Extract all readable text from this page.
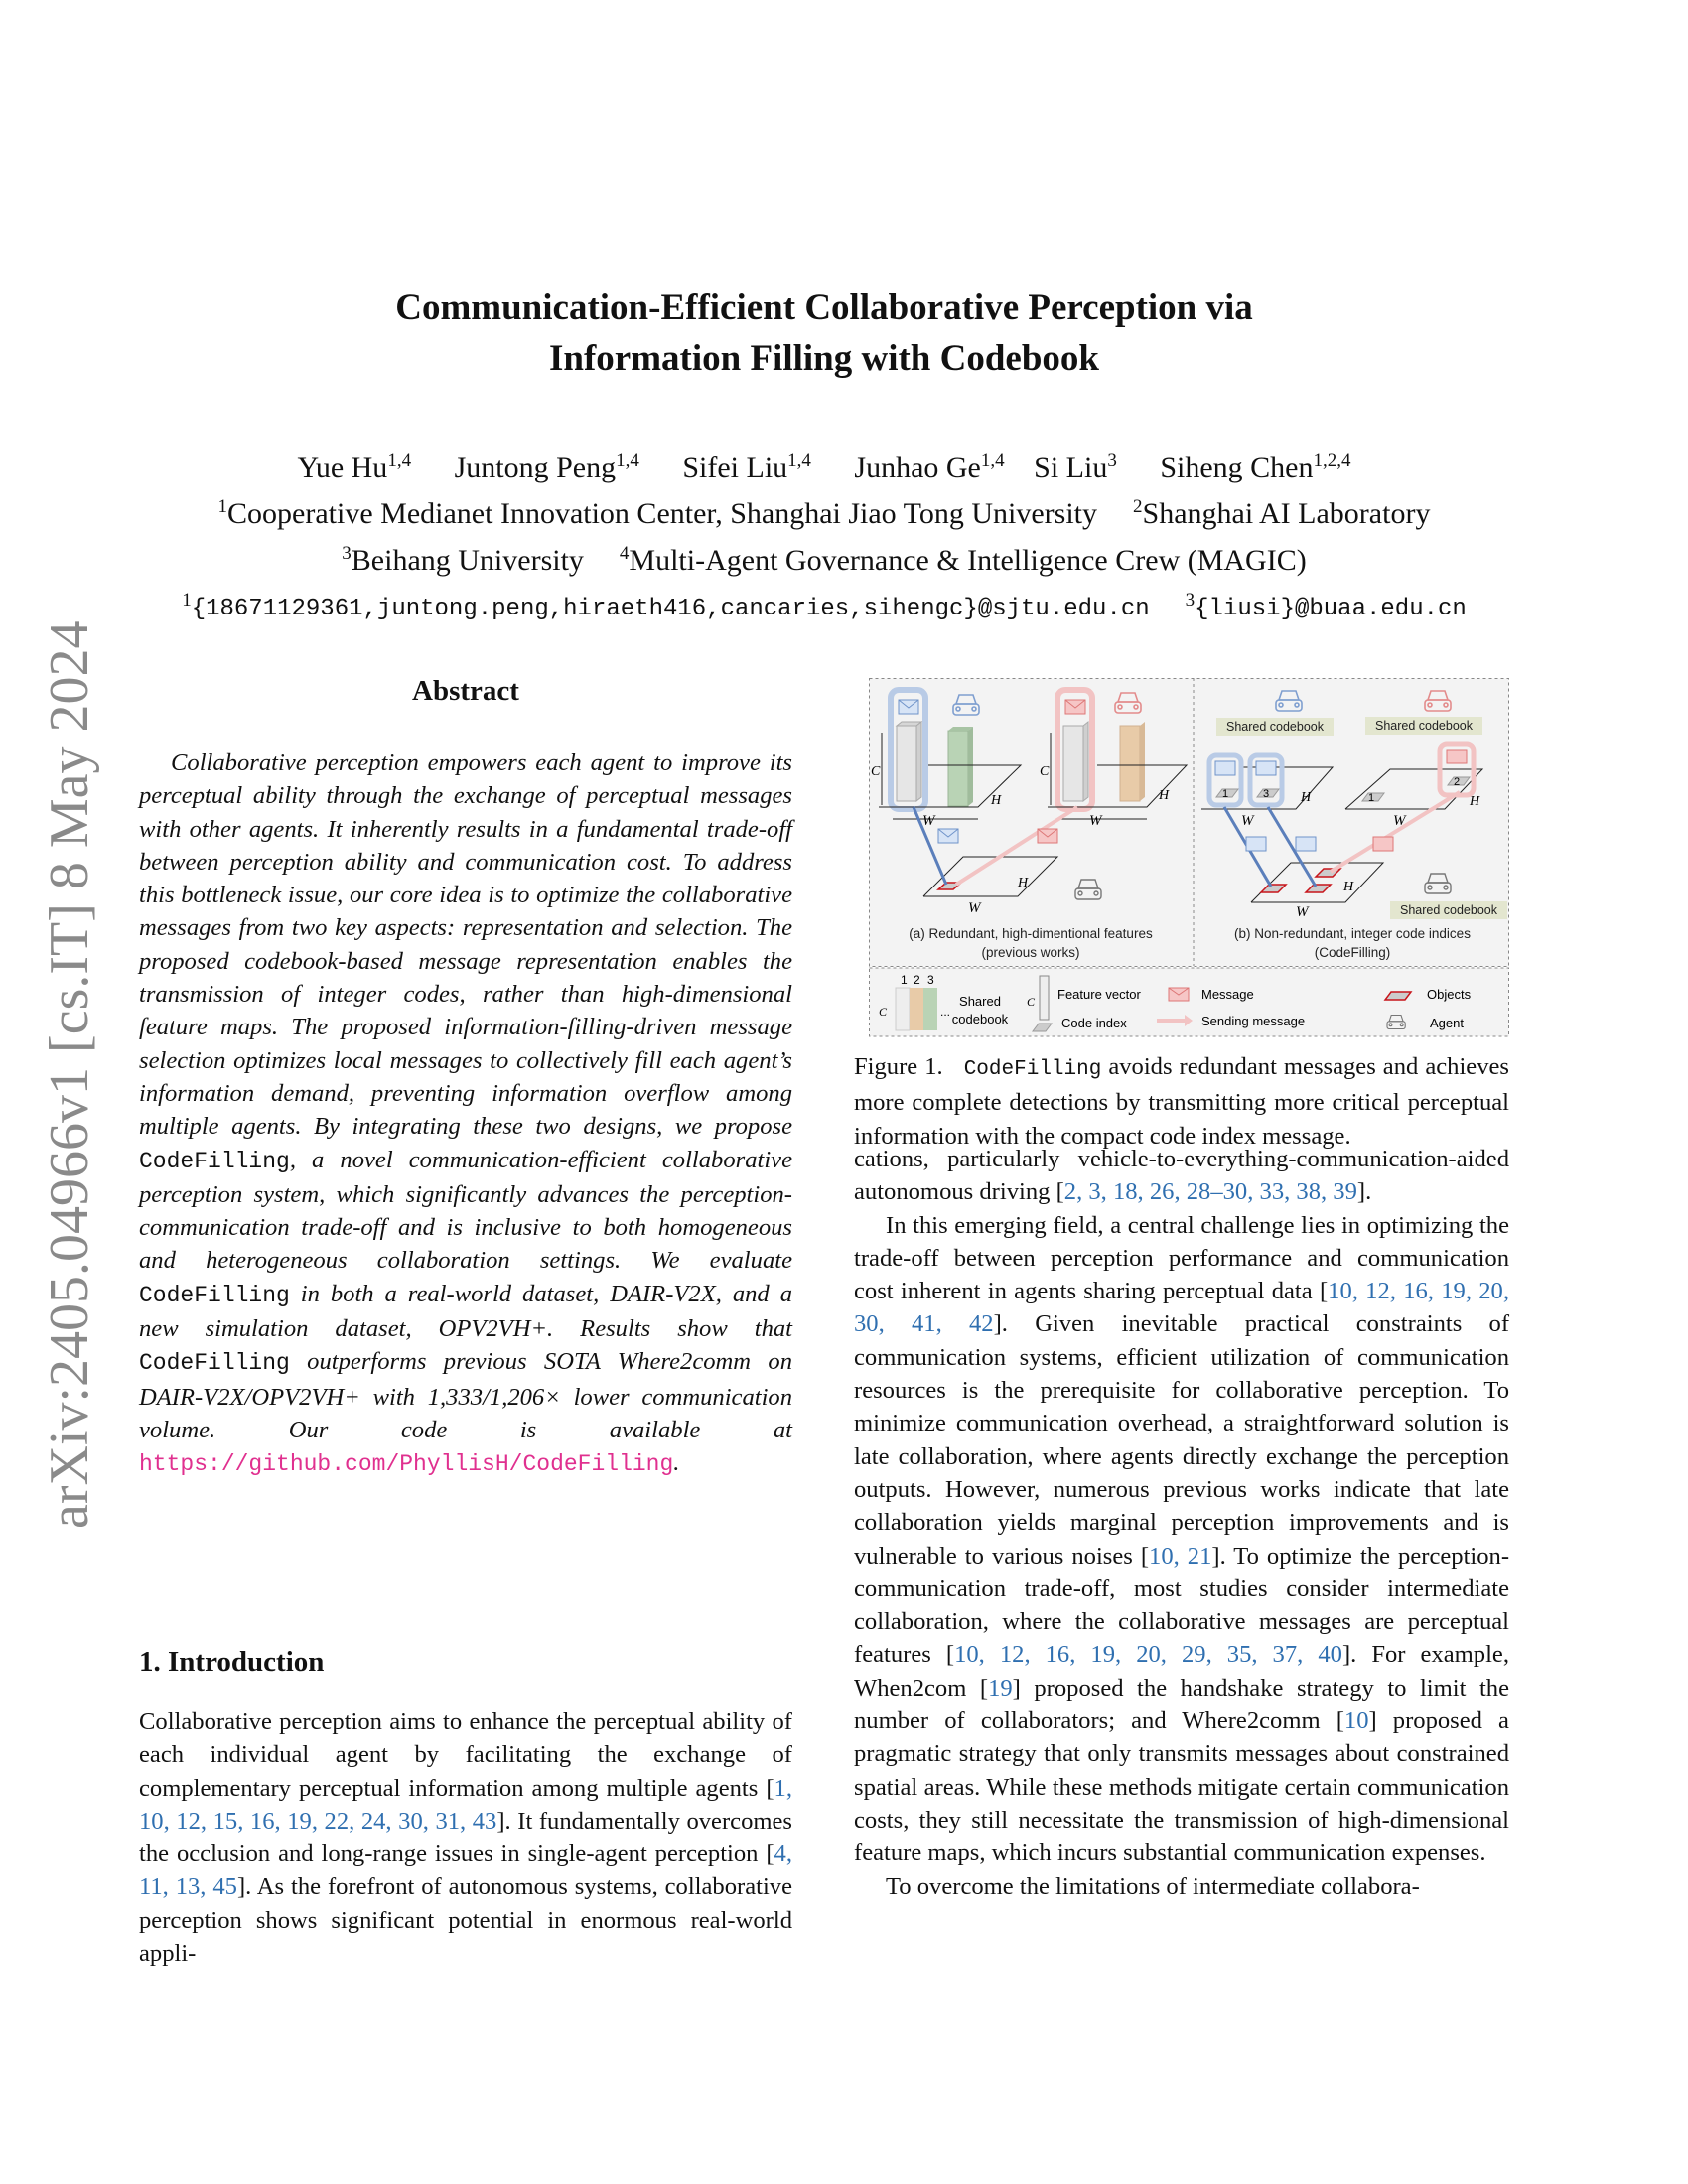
arXiv:2405.04966v1 [cs.IT] 8 May 2024
Communication-Efficient Collaborative Perception via
Information Filling with Codebook
Yue Hu$^{1,4}$ Juntong Peng$^{1,4}$ Sifei Liu$^{1,4}$ Junhao Ge$^{1,4}$ Si Liu$^3$ Siheng Chen$^{1,2,4}$
$^1$Cooperative Medianet Innovation Center, Shanghai Jiao Tong University $^2$Shanghai AI Laboratory
$^3$Beihang University $^4$Multi-Agent Governance & Intelligence Crew (MAGIC)
$^1${18671129361,juntong.peng,hiraeth416,cancaries,sihengc}@sjtu.edu.cn $^3${liusi}@buaa.edu.cn
Abstract

Collaborative perception empowers each agent to improve its perceptual ability through the exchange of perceptual messages with other agents. It inherently results in a fundamental trade-off between perception ability and communication cost. To address this bottleneck issue, our core idea is to optimize the collaborative messages from two key aspects: representation and selection. The proposed codebook-based message representation enables the transmission of integer codes, rather than high-dimensional feature maps. The proposed information-filling-driven message selection optimizes local messages to collectively fill each agent’s information demand, preventing information overflow among multiple agents. By integrating these two designs, we propose CodeFilling, a novel communication-efficient collaborative perception system, which significantly advances the perception-communication trade-off and is inclusive to both homogeneous and heterogeneous collaboration settings. We evaluate CodeFilling in both a real-world dataset, DAIR-V2X, and a new simulation dataset, OPV2VH+. Results show that CodeFilling outperforms previous SOTA Where2comm on DAIR-V2X/OPV2VH+ with 1,333/1,206× lower communication volume. Our code is available at https://github.com/PhyllisH/CodeFilling.

1. Introduction

Collaborative perception aims to enhance the perceptual ability of each individual agent by facilitating the exchange of complementary perceptual information among multiple agents [1, 10, 12, 15, 16, 19, 22, 24, 30, 31, 43]. It fundamentally overcomes the occlusion and long-range issues in single-agent perception [4, 11, 13, 45]. As the forefront of autonomous systems, collaborative perception shows significant potential in enormous real-world appli-

C
W
H
C
W
H
W
H
(a) Redundant, high-dimentional features
(previous works)
Shared codebook	Shared codebook
1	3
W
H
2
1
W
H
W
H
Shared codebook
(b) Non-redundant, integer code indices
(CodeFilling)
1 2 3
C	...
Shared
codebook
C Feature vector
Code index
Message
Sending message
Objects
Agent

Figure 1. CodeFilling avoids redundant messages and achieves more complete detections by transmitting more critical perceptual information with the compact code index message.

cations, particularly vehicle-to-everything-communication-aided autonomous driving [2, 3, 18, 26, 28–30, 33, 38, 39].

In this emerging field, a central challenge lies in optimizing the trade-off between perception performance and communication cost inherent in agents sharing perceptual data [10, 12, 16, 19, 20, 30, 41, 42]. Given inevitable practical constraints of communication systems, efficient utilization of communication resources is the prerequisite for collaborative perception. To minimize communication overhead, a straightforward solution is late collaboration, where agents directly exchange the perception outputs. However, numerous previous works indicate that late collaboration yields marginal perception improvements and is vulnerable to various noises [10, 21]. To optimize the perception-communication trade-off, most studies consider intermediate collaboration, where the collaborative messages are perceptual features [10, 12, 16, 19, 20, 29, 35, 37, 40]. For example, When2com [19] proposed the handshake strategy to limit the number of collaborators; and Where2comm [10] proposed a pragmatic strategy that only transmits messages about constrained spatial areas. While these methods mitigate certain communication costs, they still necessitate the transmission of high-dimensional feature maps, which incurs substantial communication expenses.

To overcome the limitations of intermediate collabora-
